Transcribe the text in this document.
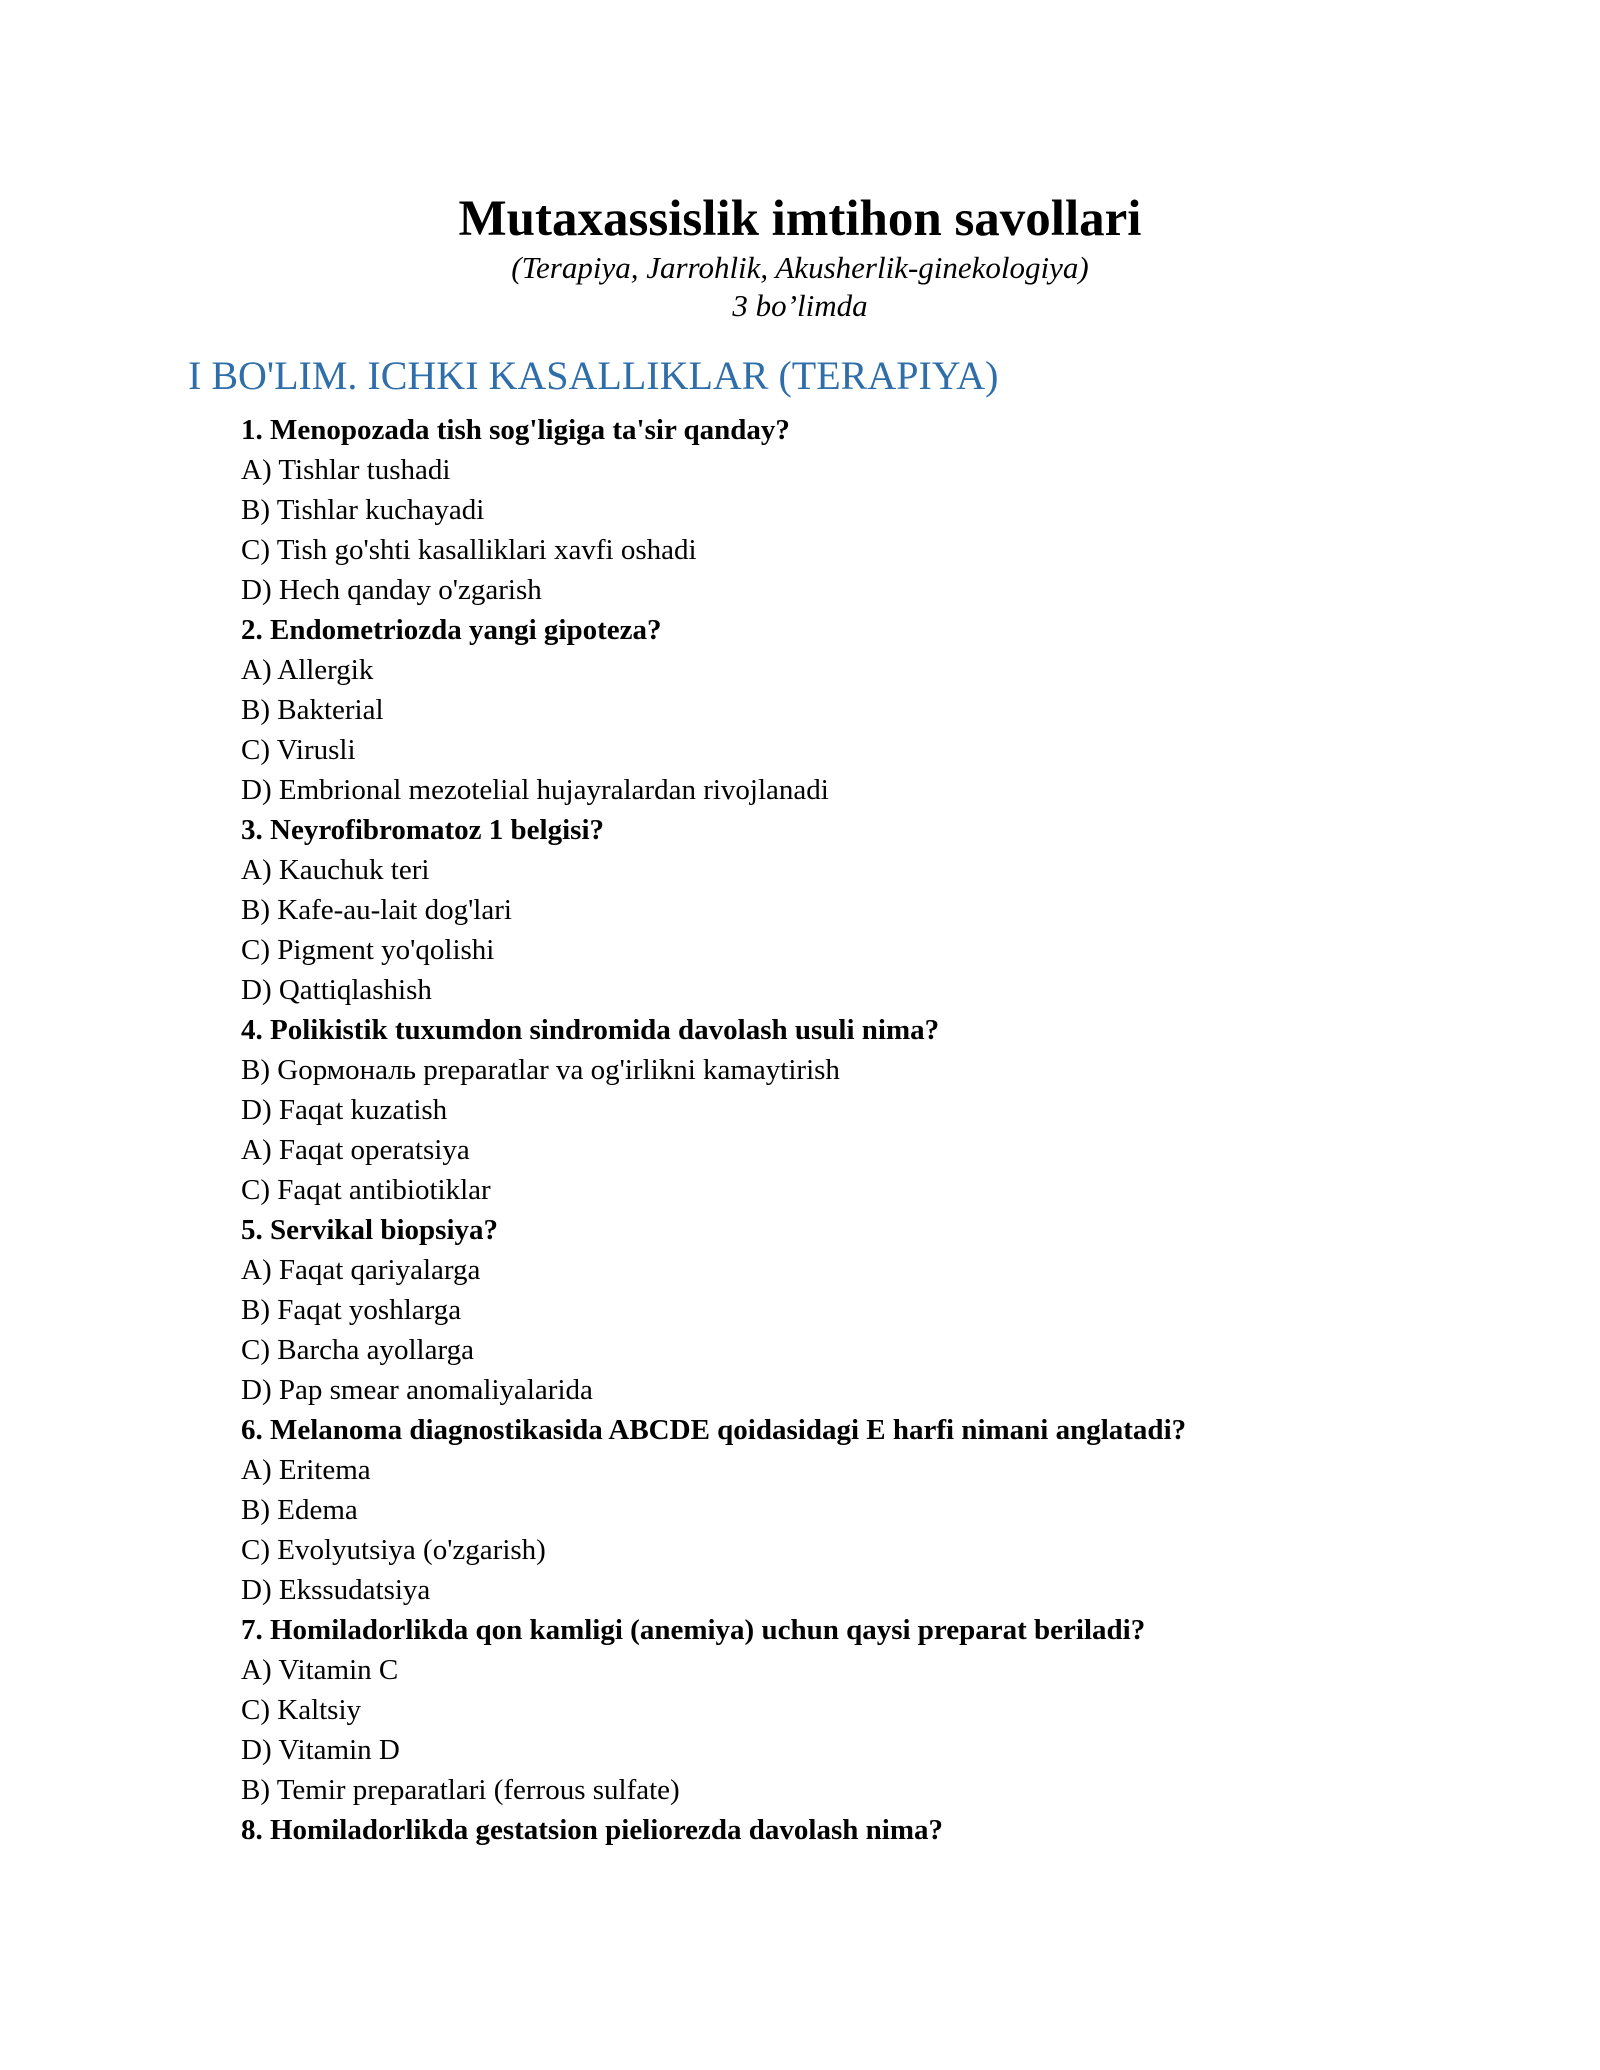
Mutaxassislik imtihon savollari

(Terapiya, Jarrohlik, Akusherlik-ginekologiya)

3 bo’limda

I BO'LIM. ICHKI KASALLIKLAR (TERAPIYA)
1. Menopozada tish sog'ligiga ta'sir qanday?
A) Tishlar tushadi
B) Tishlar kuchayadi
C) Tish go'shti kasalliklari xavfi oshadi
D) Hech qanday o'zgarish
2. Endometriozda yangi gipoteza?
A) Allergik
B) Bakterial
C) Virusli
D) Embrional mezotelial hujayralardan rivojlanadi
3. Neyrofibromatoz 1 belgisi?
A) Kauchuk teri
B) Kafe-au-lait dog'lari
C) Pigment yo'qolishi
D) Qattiqlashish
4. Polikistik tuxumdon sindromida davolash usuli nima?
B) Gормональ preparatlar va og'irlikni kamaytirish
D) Faqat kuzatish
A) Faqat operatsiya
C) Faqat antibiotiklar
5. Servikal biopsiya?
A) Faqat qariyalarga
B) Faqat yoshlarga
C) Barcha ayollarga
D) Pap smear anomaliyalarida
6. Melanoma diagnostikasida ABCDE qoidasidagi E harfi nimani anglatadi?
A) Eritema
B) Edema
C) Evolyutsiya (o'zgarish)
D) Ekssudatsiya
7. Homiladorlikda qon kamligi (anemiya) uchun qaysi preparat beriladi?
A) Vitamin C
C) Kaltsiy
D) Vitamin D
B) Temir preparatlari (ferrous sulfate)
8. Homiladorlikda gestatsion pieliorezda davolash nima?
